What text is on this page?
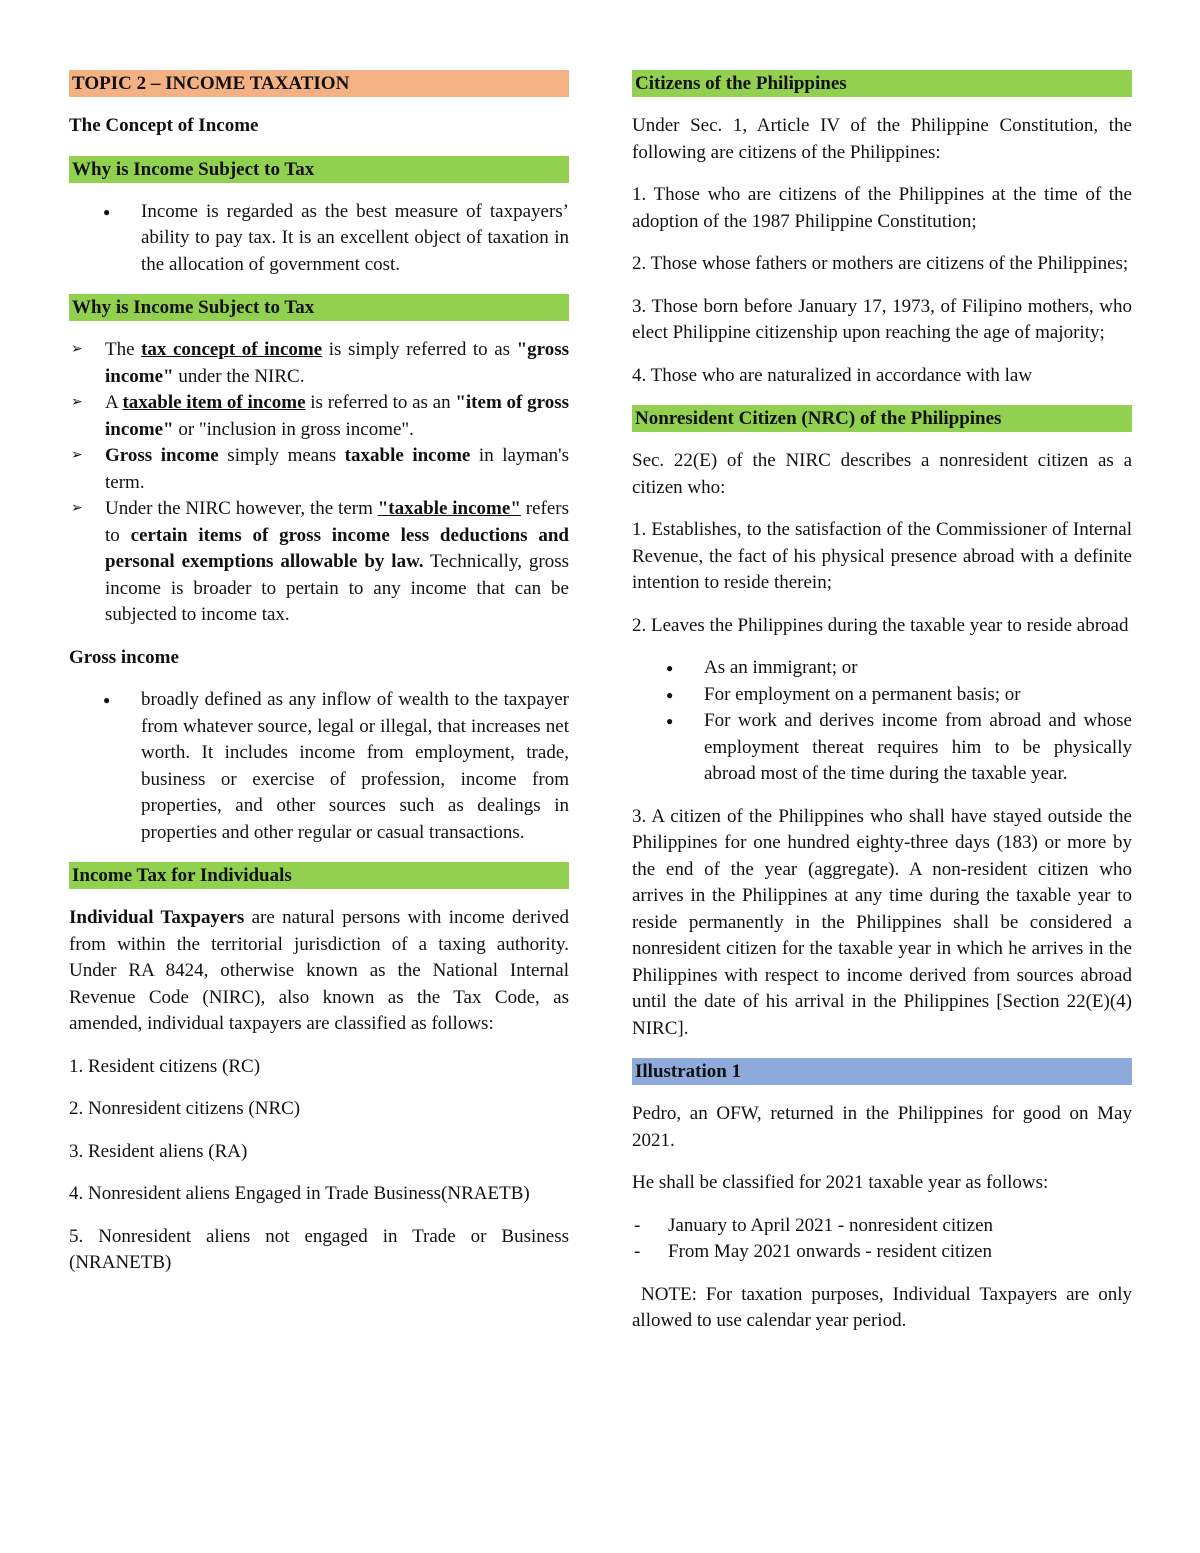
TOPIC 2 – INCOME TAXATION
The Concept of Income
Why is Income Subject to Tax
● Income is regarded as the best measure of taxpayers’ ability to pay tax. It is an excellent object of taxation in the allocation of government cost.
Why is Income Subject to Tax
➢ The tax concept of income is simply referred to as "gross income" under the NIRC.
➢ A taxable item of income is referred to as an "item of gross income" or "inclusion in gross income".
➢ Gross income simply means taxable income in layman's term.
➢ Under the NIRC however, the term "taxable income" refers to certain items of gross income less deductions and personal exemptions allowable by law. Technically, gross income is broader to pertain to any income that can be subjected to income tax.
Gross income
● broadly defined as any inflow of wealth to the taxpayer from whatever source, legal or illegal, that increases net worth. It includes income from employment, trade, business or exercise of profession, income from properties, and other sources such as dealings in properties and other regular or casual transactions.
Income Tax for Individuals

Individual Taxpayers are natural persons with income derived from within the territorial jurisdiction of a taxing authority. Under RA 8424, otherwise known as the National Internal Revenue Code (NIRC), also known as the Tax Code, as amended, individual taxpayers are classified as follows:

1. Resident citizens (RC)

2. Nonresident citizens (NRC)

3. Resident aliens (RA)

4. Nonresident aliens Engaged in Trade Business(NRAETB)

5. Nonresident aliens not engaged in Trade or Business (NRANETB)

Citizens of the Philippines

Under Sec. 1, Article IV of the Philippine Constitution, the following are citizens of the Philippines:

1. Those who are citizens of the Philippines at the time of the adoption of the 1987 Philippine Constitution;

2. Those whose fathers or mothers are citizens of the Philippines;

3. Those born before January 17, 1973, of Filipino mothers, who elect Philippine citizenship upon reaching the age of majority;

4. Those who are naturalized in accordance with law

Nonresident Citizen (NRC) of the Philippines

Sec. 22(E) of the NIRC describes a nonresident citizen as a citizen who:

1. Establishes, to the satisfaction of the Commissioner of Internal Revenue, the fact of his physical presence abroad with a definite intention to reside therein;

2. Leaves the Philippines during the taxable year to reside abroad

● As an immigrant; or
● For employment on a permanent basis; or
● For work and derives income from abroad and whose employment thereat requires him to be physically abroad most of the time during the taxable year.

3. A citizen of the Philippines who shall have stayed outside the Philippines for one hundred eighty-three days (183) or more by the end of the year (aggregate). A non-resident citizen who arrives in the Philippines at any time during the taxable year to reside permanently in the Philippines shall be considered a nonresident citizen for the taxable year in which he arrives in the Philippines with respect to income derived from sources abroad until the date of his arrival in the Philippines [Section 22(E)(4) NIRC].

Illustration 1

Pedro, an OFW, returned in the Philippines for good on May 2021.

He shall be classified for 2021 taxable year as follows:

- January to April 2021 - nonresident citizen
- From May 2021 onwards - resident citizen

NOTE: For taxation purposes, Individual Taxpayers are only allowed to use calendar year period.
